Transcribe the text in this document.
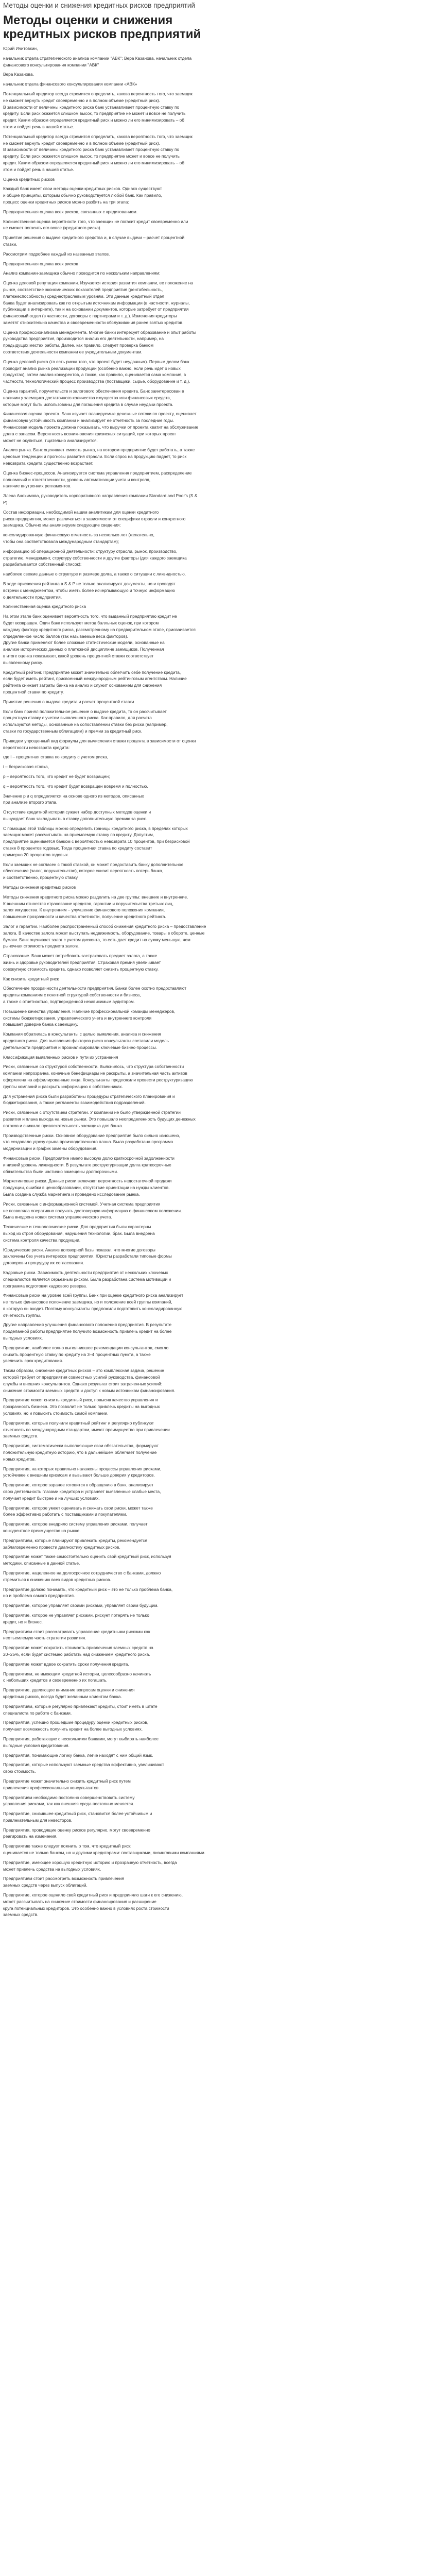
Методы оценки и снижения кредитных рисков предприятий
Методы оценки и снижения
кредитных рисков предприятий

Юрий Ичитовкин,

начальник отдела стратегического анализа компании "АВК"; Вера Казанова, начальник отдела
финансового консультирования компании "АВК"

Вера Казанова,

начальник отдела финансового консультирования компании «АВК»

Потенциальный кредитор всегда стремится определить, какова вероятность того, что заемщик
не сможет вернуть кредит своевременно и в полном объеме (кредитный риск).
В зависимости от величины кредитного риска банк устанавливает процентную ставку по
кредиту. Если риск окажется слишком высок, то предприятие не может и вовсе не получить
кредит. Каким образом определяется кредитный риск и можно ли его минимизировать – об
этом и пойдет речь в нашей статье.

Потенциальный кредитор всегда стремится определить, какова вероятность того, что заемщик
не сможет вернуть кредит своевременно и в полном объеме (кредитный риск).
В зависимости от величины кредитного риска банк устанавливает процентную ставку по
кредиту. Если риск окажется слишком высок, то предприятие может и вовсе не получить
кредит. Каким образом определяется кредитный риск и можно ли его минимизировать – об
этом и пойдет речь в нашей статье.

Оценка кредитных рисков

Каждый банк имеет свои методы оценки кредитных рисков. Однако существуют
и общие принципы, которым обычно руководствуется любой банк. Как правило,
процесс оценки кредитных рисков можно разбить на три этапа:

Предварительная оценка всех рисков, связанных с кредитованием.

Количественная оценка вероятности того, что заемщик не погасит кредит своевременно или
не сможет погасить его вовсе (кредитного риска).

Принятие решения о выдаче кредитного средства и, в случае выдачи – расчет процентной
ставки.

Рассмотрим подробнее каждый из названных этапов.

Предварительная оценка всех рисков

Анализ компании-заемщика обычно проводится по нескольким направлениям:

Оценка деловой репутации компании. Изучается история развития компании, ее положение на
рынке, соответствие экономических показателей предприятия (рентабельность,
платежеспособность) среднеотраслевым уровням. Эти данные кредитный отдел
банка будет анализировать как по открытым источникам информации (в частности, журналы,
публикации в интернете), так и на основании документов, которые затребует от предприятия
финансовый отдел (в частности, договоры с партнерами и т. д.). Изменения кредиторы
заметят относительно качества и своевременности обслуживания ранее взятых кредитов.

Оценка профессионализма менеджмента. Многие банки интересует образование и опыт работы
руководства предприятия, производится анализ его деятельности, например, на
предыдущих местах работы. Далее, как правило, следует проверка банком
соответствия деятельности компании ее учредительным документам.

Оценка деловой риска (то есть риска того, что проект будет неудачным). Первым делом банк
проводит анализ рынка реализации продукции (особенно важно, если речь идет о новых
продуктах), затем анализ конкурентов, а также, как правило, оценивается сама компания, в
частности, технологический процесс производства (поставщики, сырье, оборудование и т. д.).

Оценка гарантий, поручительств и залогового обеспечения кредита. Банк заинтересован в
наличии у заемщика достаточного количества имущества или финансовых средств,
которые могут быть использованы для погашения кредита в случае неудачи проекта.

Финансовая оценка проекта. Банк изучает планируемые денежные потоки по проекту, оценивает
финансовую устойчивость компании и анализирует ее отчетность за последние годы.
Финансовая модель проекта должна показывать, что выручки от проекта хватит на обслуживание
долга с запасом. Вероятность возникновения кризисных ситуаций, при которых проект
может не окупиться, тщательно анализируется.

Анализ рынка. Банк оценивает емкость рынка, на котором предприятие будет работать, а также
ценовые тенденции и прогнозы развития отрасли. Если спрос на продукцию падает, то риск
невозврата кредита существенно возрастает.

Оценка бизнес-процессов. Анализируется система управления предприятием, распределение
полномочий и ответственности, уровень автоматизации учета и контроля,
наличие внутренних регламентов.

Элена Анохимова, руководитель корпоративного направления компании Standard and Poor's (S &
P)

Состав информации, необходимой нашим аналитикам для оценки кредитного
риска предприятия, может различаться в зависимости от специфики отрасли и конкретного
заемщика. Обычно мы анализируем следующие сведения:

консолидированную финансовую отчетность за несколько лет (желательно,
чтобы она соответствовала международным стандартам);

информацию об операционной деятельности: структуру отрасли, рынок, производство,
стратегию, менеджмент, структуру собственности и другие факторы (для каждого заемщика
разрабатывается собственный список);

наиболее свежие данные о структуре и размере долга, а также о ситуации с ликвидностью.

В ходе присвоения рейтинга в S & P не только анализируют документы, но и проводят
встречи с менеджментом, чтобы иметь более исчерпывающую и точную информацию
о деятельности предприятия.

Количественная оценка кредитного риска

На этом этапе банк оценивает вероятность того, что выданный предприятию кредит не
будет возвращен. Один банк использует метод балльных оценок, при котором
каждому фактору кредитного риска, рассмотренному на предварительном этапе, присваивается
определенное число баллов (так называемые веса факторов).
Другие банки применяют более сложные статистические модели, основанные на
анализе исторических данных о платежной дисциплине заемщиков. Полученная
в итоге оценка показывает, какой уровень процентной ставки соответствует
выявленному риску.

Кредитный рейтинг. Предприятие может значительно облегчить себе получение кредита,
если будет иметь рейтинг, присвоенный международным рейтинговым агентством. Наличие
рейтинга снижает затраты банка на анализ и служит основанием для снижения
процентной ставки по кредиту.

Принятие решения о выдаче кредита и расчет процентной ставки

Если банк принял положительное решение о выдаче кредита, то он рассчитывает
процентную ставку с учетом выявленного риска. Как правило, для расчета
используются методы, основанные на сопоставлении ставки без риска (например,
ставки по государственным облигациям) и премии за кредитный риск.

Приведем упрощенный вид формулы для вычисления ставки процента в зависимости от оценки
вероятности невозврата кредита:

где i – процентная ставка по кредиту с учетом риска,

i – безрисковая ставка,

p – вероятность того, что кредит не будет возвращен;

q – вероятность того, что кредит будет возвращен вовремя и полностью.

Значение p и q определяется на основе одного из методов, описанных
при анализе второго этапа.

Отсутствие кредитной истории сужает набор доступных методов оценки и
вынуждает банк закладывать в ставку дополнительную премию за риск.

С помощью этой таблицы можно определить границы кредитного риска, в пределах которых
заемщик может рассчитывать на приемлемую ставку по кредиту. Допустим,
предприятие оценивается банком с вероятностью невозврата 10 процентов, при безрисковой
ставке 8 процентов годовых. Тогда процентная ставка по кредиту составит
примерно 20 процентов годовых.

Если заемщик не согласен с такой ставкой, он может предоставить банку дополнительное
обеспечение (залог, поручительство), которое снизит вероятность потерь банка,
и соответственно, процентную ставку.

Методы снижения кредитных рисков

Методы снижения кредитного риска можно разделить на две группы: внешние и внутренние.
К внешним относятся страхование кредитов, гарантии и поручительства третьих лиц,
залог имущества. К внутренним – улучшение финансового положения компании,
повышение прозрачности и качества отчетности, получение кредитного рейтинга.

Залог и гарантии. Наиболее распространенный способ снижения кредитного риска – предоставление
залога. В качестве залога может выступать недвижимость, оборудование, товары в обороте, ценные
бумаги. Банк оценивает залог с учетом дисконта, то есть дает кредит на сумму меньшую, чем
рыночная стоимость предмета залога.

Страхование. Банк может потребовать застраховать предмет залога, а также
жизнь и здоровье руководителей предприятия. Страховая премия увеличивает
совокупную стоимость кредита, однако позволяет снизить процентную ставку.

Как снизить кредитный риск

Обеспечение прозрачности деятельности предприятия. Банки более охотно предоставляют
кредиты компаниям с понятной структурой собственности и бизнеса,
а также с отчетностью, подтвержденной независимым аудитором.

Повышение качества управления. Наличие профессиональной команды менеджеров,
системы бюджетирования, управленческого учета и внутреннего контроля
повышает доверие банка к заемщику.

Компания обратилась в консультанты с целью выявления, анализа и снижения
кредитного риска. Для выявления факторов риска консультанты составили модель
деятельности предприятия и проанализировали ключевые бизнес-процессы.

Классификация выявленных рисков и пути их устранения

Риски, связанные со структурой собственности. Выяснилось, что структура собственности
компании непрозрачна, конечные бенефициары не раскрыты, а значительная часть активов
оформлена на аффилированные лица. Консультанты предложили провести реструктуризацию
группы компаний и раскрыть информацию о собственниках.

Для устранения риска были разработаны процедуры стратегического планирования и
бюджетирования, а также регламенты взаимодействия подразделений.

Риски, связанные с отсутствием стратегии. У компании не было утвержденной стратегии
развития и плана выхода на новые рынки. Это повышало неопределенность будущих денежных
потоков и снижало привлекательность заемщика для банка.

Производственные риски. Основное оборудование предприятия было сильно изношено,
что создавало угрозу срыва производственного плана. Была разработана программа
модернизации и график замены оборудования.

Финансовые риски. Предприятие имело высокую долю краткосрочной задолженности
и низкий уровень ликвидности. В результате реструктуризации долга краткосрочные
обязательства были частично замещены долгосрочными.

Маркетинговые риски. Данные риски включают вероятность недостаточной продажи
продукции, ошибки в ценообразовании, отсутствие ориентации на нужды клиентов.
Была создана служба маркетинга и проведено исследование рынка.

Риски, связанные с информационной системой. Учетная система предприятия
не позволяла оперативно получать достоверную информацию о финансовом положении.
Была внедрена новая система управленческого учета.

Технические и технологические риски. Для предприятия были характерны
выход из строя оборудования, нарушения технологии, брак. Была внедрена
система контроля качества продукции.

Юридические риски. Анализ договорной базы показал, что многие договоры
заключены без учета интересов предприятия. Юристы разработали типовые формы
договоров и процедуру их согласования.

Кадровые риски. Зависимость деятельности предприятия от нескольких ключевых
специалистов является серьезным риском. Была разработана система мотивации и
программа подготовки кадрового резерва.

Финансовые риски на уровне всей группы. Банк при оценке кредитного риска анализирует
не только финансовое положение заемщика, но и положение всей группы компаний,
в которую он входит. Поэтому консультанты предложили подготовить консолидированную
отчетность группы.

Другие направления улучшения финансового положения предприятия. В результате
проделанной работы предприятие получило возможность привлечь кредит на более
выгодных условиях.

Предприятие, наиболее полно выполнившее рекомендации консультантов, смогло
снизить процентную ставку по кредиту на 3–4 процентных пункта, а также
увеличить срок кредитования.

Таким образом, снижение кредитных рисков – это комплексная задача, решение
которой требует от предприятия совместных усилий руководства, финансовой
службы и внешних консультантов. Однако результат стоит затраченных усилий:
снижение стоимости заемных средств и доступ к новым источникам финансирования.

Предприятие может снизить кредитный риск, повысив качество управления и
прозрачность бизнеса. Это позволит не только привлечь кредиты на выгодных
условиях, но и повысить стоимость самой компании.

Предприятия, которые получили кредитный рейтинг и регулярно публикуют
отчетность по международным стандартам, имеют преимущество при привлечении
заемных средств.

Предприятия, систематически выполняющие свои обязательства, формируют
положительную кредитную историю, что в дальнейшем облегчает получение
новых кредитов.

Предприятия, на которых правильно налажены процессы управления рисками,
устойчивее к внешним кризисам и вызывают больше доверия у кредиторов.

Предприятие, которое заранее готовится к обращению в банк, анализирует
свою деятельность глазами кредитора и устраняет выявленные слабые места,
получает кредит быстрее и на лучших условиях.

Предприятие, которое умеет оценивать и снижать свои риски, может также
более эффективно работать с поставщиками и покупателями.

Предприятие, которое внедрило систему управления рисками, получает
конкурентное преимущество на рынке.

Предприятиям, которые планируют привлекать кредиты, рекомендуется
заблаговременно провести диагностику кредитных рисков.

Предприятие может также самостоятельно оценить свой кредитный риск, используя
методики, описанные в данной статье.

Предприятие, нацеленное на долгосрочное сотрудничество с банками, должно
стремиться к снижению всех видов кредитных рисков.

Предприятие должно понимать, что кредитный риск – это не только проблема банка,
но и проблема самого предприятия.

Предприятие, которое управляет своими рисками, управляет своим будущим.

Предприятие, которое не управляет рисками, рискует потерять не только
кредит, но и бизнес.

Предприятиям стоит рассматривать управление кредитными рисками как
неотъемлемую часть стратегии развития.

Предприятие может сократить стоимость привлечения заемных средств на
20–25%, если будет системно работать над снижением кредитного риска.

Предприятие может вдвое сократить сроки получения кредита.

Предприятиям, не имеющим кредитной истории, целесообразно начинать
с небольших кредитов и своевременно их погашать.

Предприятие, уделяющее внимание вопросам оценки и снижения
кредитных рисков, всегда будет желанным клиентом банка.

Предприятиям, которые регулярно привлекают кредиты, стоит иметь в штате
специалиста по работе с банками.

Предприятия, успешно прошедшие процедуру оценки кредитных рисков,
получают возможность получить кредит на более выгодных условиях.

Предприятия, работающие с несколькими банками, могут выбирать наиболее
выгодные условия кредитования.

Предприятия, понимающие логику банка, легче находят с ним общий язык.

Предприятия, которые используют заемные средства эффективно, увеличивают
свою стоимость.

Предприятие может значительно снизить кредитный риск путем
привлечения профессиональных консультантов.

Предприятиям необходимо постоянно совершенствовать систему
управления рисками, так как внешняя среда постоянно меняется.

Предприятие, снизившее кредитный риск, становится более устойчивым и
привлекательным для инвесторов.

Предприятия, проводящие оценку рисков регулярно, могут своевременно
реагировать на изменения.

Предприятию также следует помнить о том, что кредитный риск
оценивается не только банком, но и другими кредиторами: поставщиками, лизинговыми компаниями.

Предприятие, имеющее хорошую кредитную историю и прозрачную отчетность, всегда
может привлечь средства на выгодных условиях.

Предприятиям стоит рассмотреть возможность привлечения
заемных средств через выпуск облигаций.

Предприятие, которое оценило свой кредитный риск и предприняло шаги к его снижению,
может рассчитывать на снижение стоимости финансирования и расширение
круга потенциальных кредиторов. Это особенно важно в условиях роста стоимости
заемных средств.
